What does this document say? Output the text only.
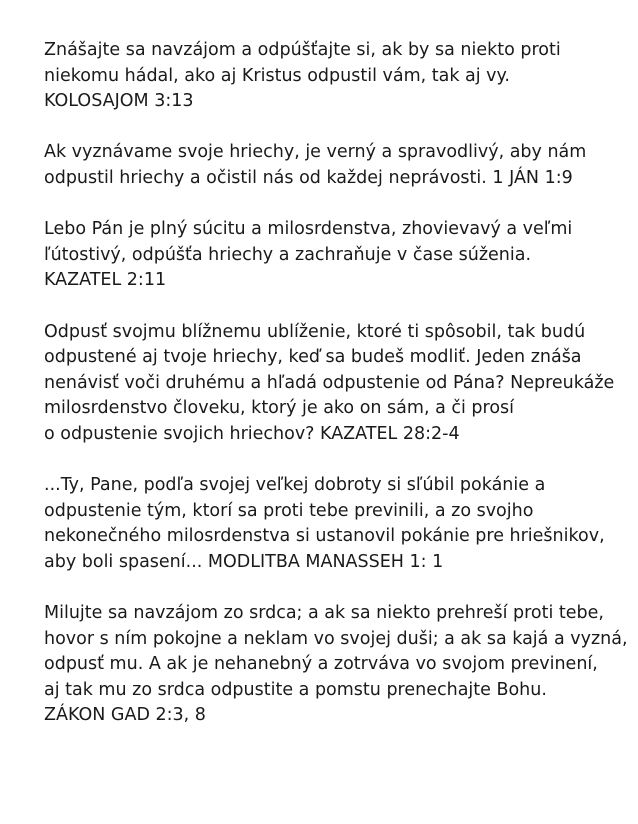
Znášajte sa navzájom a odpúšťajte si, ak by sa niekto proti
niekomu hádal, ako aj Kristus odpustil vám, tak aj vy.
KOLOSAJOM 3:13

Ak vyznávame svoje hriechy, je verný a spravodlivý, aby nám
odpustil hriechy a očistil nás od každej neprávosti. 1 JÁN 1:9

Lebo Pán je plný súcitu a milosrdenstva, zhovievavý a veľmi
ľútostivý, odpúšťa hriechy a zachraňuje v čase súženia.
KAZATEL 2:11

Odpusť svojmu blížnemu ublíženie, ktoré ti spôsobil, tak budú
odpustené aj tvoje hriechy, keď sa budeš modliť. Jeden znáša
nenávisť voči druhému a hľadá odpustenie od Pána? Nepreukáže
milosrdenstvo človeku, ktorý je ako on sám, a či prosí
o odpustenie svojich hriechov? KAZATEL 28:2-4

...Ty, Pane, podľa svojej veľkej dobroty si sľúbil pokánie a
odpustenie tým, ktorí sa proti tebe previnili, a zo svojho
nekonečného milosrdenstva si ustanovil pokánie pre hriešnikov,
aby boli spasení... MODLITBA MANASSEH 1: 1

Milujte sa navzájom zo srdca; a ak sa niekto prehreší proti tebe,
hovor s ním pokojne a neklam vo svojej duši; a ak sa kajá a vyzná,
odpusť mu. A ak je nehanebný a zotrváva vo svojom previnení,
aj tak mu zo srdca odpustite a pomstu prenechajte Bohu.
ZÁKON GAD 2:3, 8
